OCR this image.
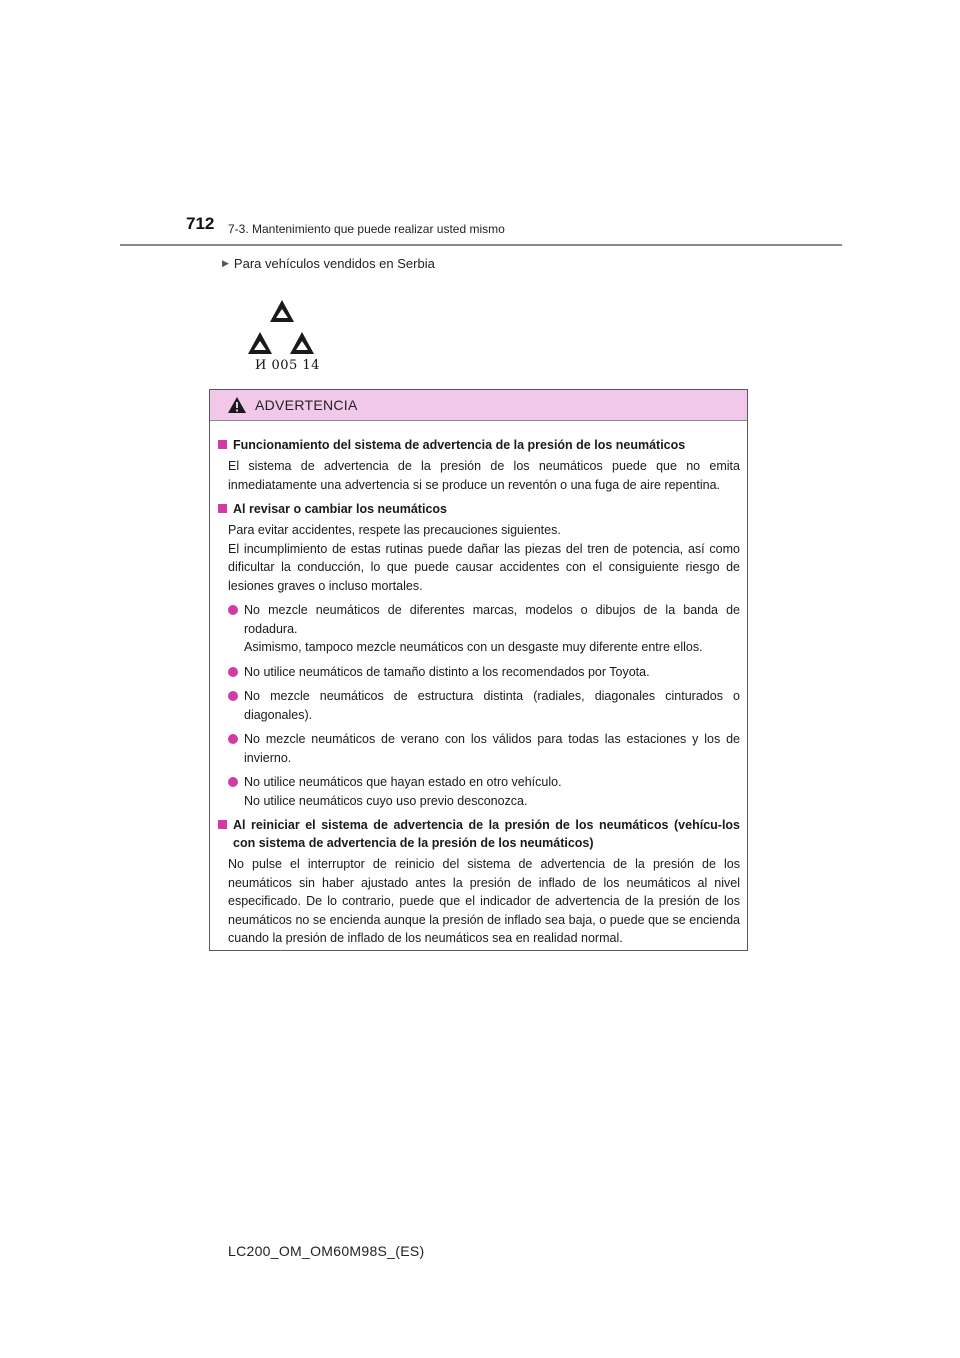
712 7-3. Mantenimiento que puede realizar usted mismo
▶ Para vehículos vendidos en Serbia
И 005 14
ADVERTENCIA
Funcionamiento del sistema de advertencia de la presión de los neumáticos
El sistema de advertencia de la presión de los neumáticos puede que no emita inmediatamente una advertencia si se produce un reventón o una fuga de aire repentina.
Al revisar o cambiar los neumáticos
Para evitar accidentes, respete las precauciones siguientes.
El incumplimiento de estas rutinas puede dañar las piezas del tren de potencia, así como dificultar la conducción, lo que puede causar accidentes con el consiguiente riesgo de lesiones graves o incluso mortales.
No mezcle neumáticos de diferentes marcas, modelos o dibujos de la banda de rodadura.
Asimismo, tampoco mezcle neumáticos con un desgaste muy diferente entre ellos.
No utilice neumáticos de tamaño distinto a los recomendados por Toyota.
No mezcle neumáticos de estructura distinta (radiales, diagonales cinturados o diagonales).
No mezcle neumáticos de verano con los válidos para todas las estaciones y los de invierno.
No utilice neumáticos que hayan estado en otro vehículo.
No utilice neumáticos cuyo uso previo desconozca.
Al reiniciar el sistema de advertencia de la presión de los neumáticos (vehícu-los con sistema de advertencia de la presión de los neumáticos)
No pulse el interruptor de reinicio del sistema de advertencia de la presión de los neumáticos sin haber ajustado antes la presión de inflado de los neumáticos al nivel especificado. De lo contrario, puede que el indicador de advertencia de la presión de los neumáticos no se encienda aunque la presión de inflado sea baja, o puede que se encienda cuando la presión de inflado de los neumáticos sea en realidad normal.
LC200_OM_OM60M98S_(ES)
